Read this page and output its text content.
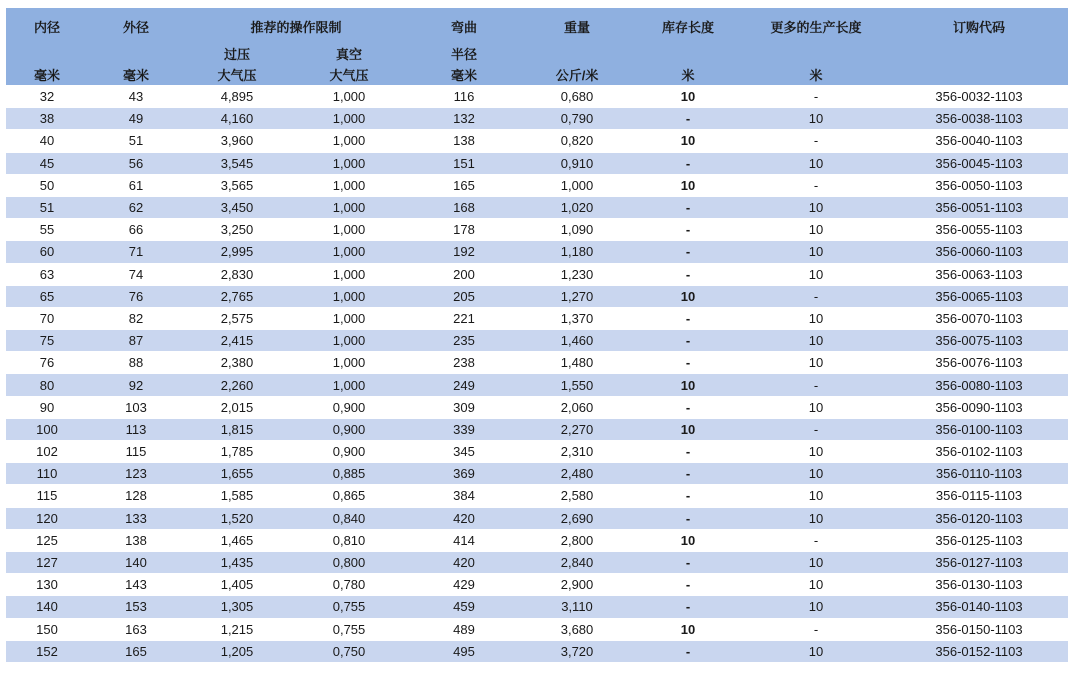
内径	外径	推荐的操作限制		弯曲	重量	库存长度	更多的生产长度	订购代码
		过压	真空	半径				
毫米	毫米	大气压	大气压	毫米	公斤/米	米	米	
32	43	4,895	1,000	116	0,680	10	-	356-0032-1103
38	49	4,160	1,000	132	0,790	-	10	356-0038-1103
40	51	3,960	1,000	138	0,820	10	-	356-0040-1103
45	56	3,545	1,000	151	0,910	-	10	356-0045-1103
50	61	3,565	1,000	165	1,000	10	-	356-0050-1103
51	62	3,450	1,000	168	1,020	-	10	356-0051-1103
55	66	3,250	1,000	178	1,090	-	10	356-0055-1103
60	71	2,995	1,000	192	1,180	-	10	356-0060-1103
63	74	2,830	1,000	200	1,230	-	10	356-0063-1103
65	76	2,765	1,000	205	1,270	10	-	356-0065-1103
70	82	2,575	1,000	221	1,370	-	10	356-0070-1103
75	87	2,415	1,000	235	1,460	-	10	356-0075-1103
76	88	2,380	1,000	238	1,480	-	10	356-0076-1103
80	92	2,260	1,000	249	1,550	10	-	356-0080-1103
90	103	2,015	0,900	309	2,060	-	10	356-0090-1103
100	113	1,815	0,900	339	2,270	10	-	356-0100-1103
102	115	1,785	0,900	345	2,310	-	10	356-0102-1103
110	123	1,655	0,885	369	2,480	-	10	356-0110-1103
115	128	1,585	0,865	384	2,580	-	10	356-0115-1103
120	133	1,520	0,840	420	2,690	-	10	356-0120-1103
125	138	1,465	0,810	414	2,800	10	-	356-0125-1103
127	140	1,435	0,800	420	2,840	-	10	356-0127-1103
130	143	1,405	0,780	429	2,900	-	10	356-0130-1103
140	153	1,305	0,755	459	3,110	-	10	356-0140-1103
150	163	1,215	0,755	489	3,680	10	-	356-0150-1103
152	165	1,205	0,750	495	3,720	-	10	356-0152-1103
